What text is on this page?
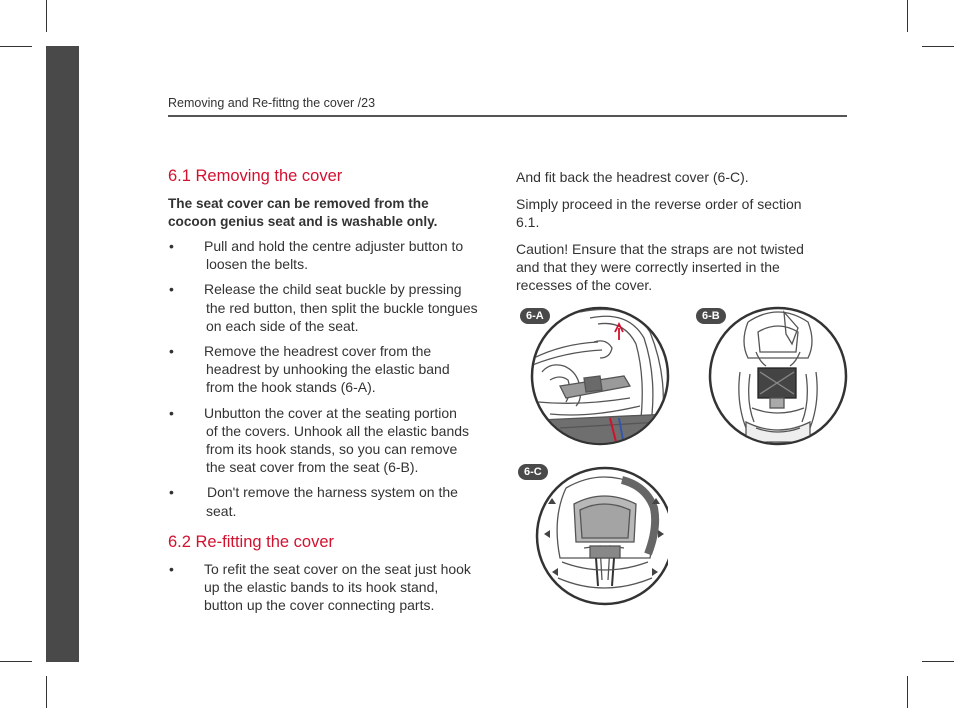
Removing and Re-fittng the cover /23
6.1 Removing the cover
The seat cover can be removed from the
cocoon genius seat and is washable only.
•	Pull and hold the centre adjuster button to
loosen the belts.
•	Release the child seat buckle by pressing
the red button, then split the buckle tongues
on each side of the seat.
•	Remove the headrest cover from the
headrest by unhooking the elastic band
from the hook stands (6-A).
•	Unbutton the cover at the seating portion
of the covers. Unhook all the elastic bands
from its hook stands, so you can remove
the seat cover from the seat (6-B).
•	Don't remove the harness system on the
seat.
6.2 Re-fitting the cover
•	To refit the seat cover on the seat just hook
up the elastic bands to its hook stand,
button up the cover connecting parts.

And fit back the headrest cover (6-C).

Simply proceed in the reverse order of section
6.1.

Caution! Ensure that the straps are not twisted
and that they were correctly inserted in the
recesses of the cover.

6-A	6-B
6-C
